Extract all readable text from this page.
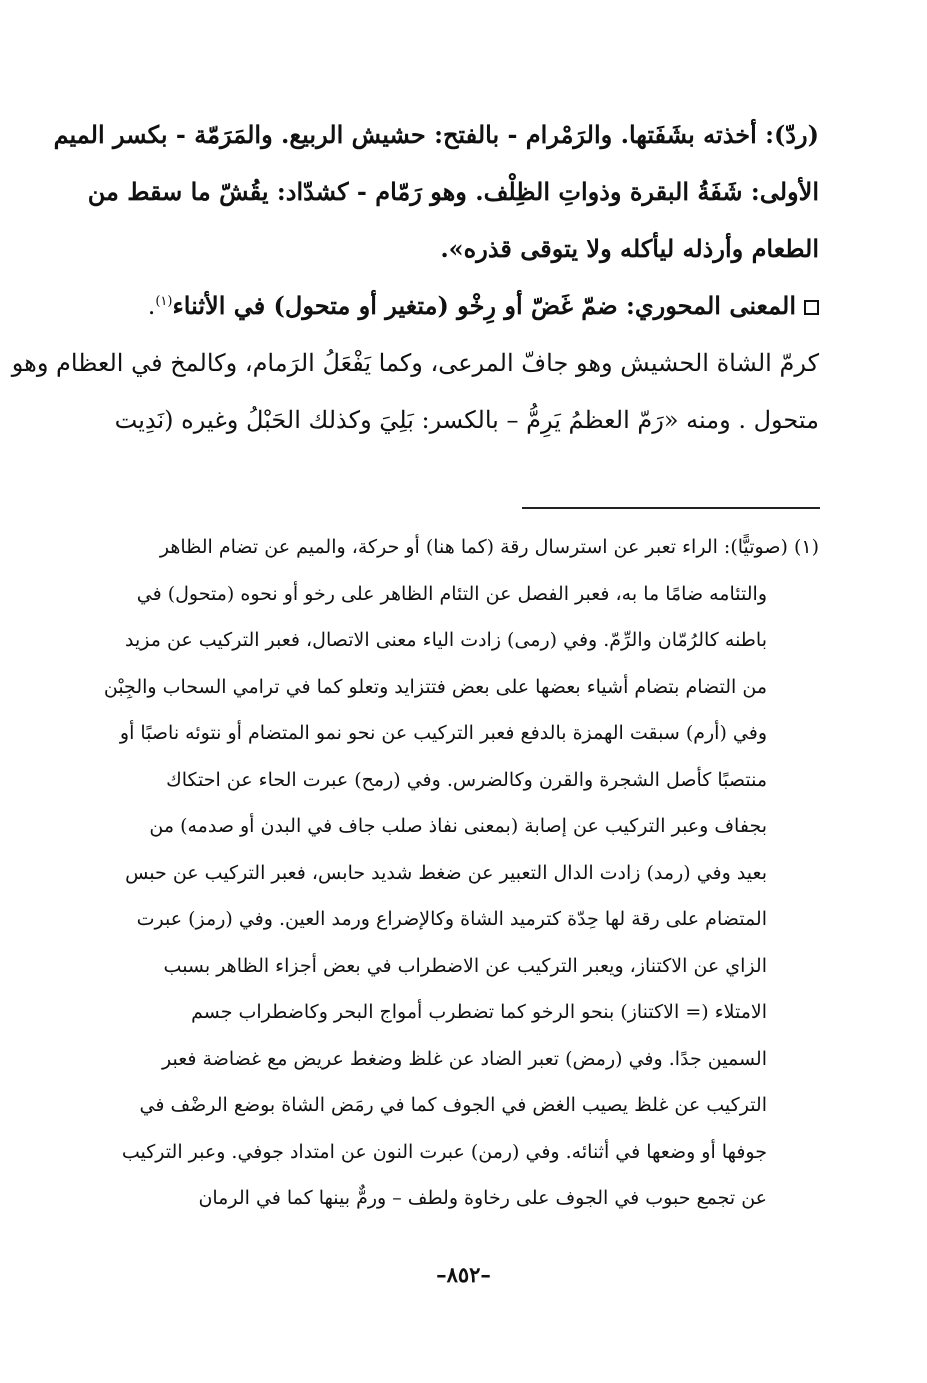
(ردّ): أخذته بشَفَتها. والرَمْرام - بالفتح: حشيش الربيع. والمَرَمّة - بكسر الميم
الأولى: شَفَةُ البقرة وذواتِ الظِلْف. وهو رَمّام - كشدّاد: يقُشّ ما سقط من
الطعام وأرذله ليأكله ولا يتوقى قذره».

المعنى المحوري: ضمّ غَضّ أو رِخْو (متغير أو متحول) في الأثناء$^{(١)}$.
كرمّ الشاة الحشيش وهو جافّ المرعى، وكما يَفْعَلُ الرَمام، وكالمخ في العظام وهو
متحول . ومنه «رَمّ العظمُ يَرِمُّ – بالكسر: بَلِيَ وكذلك الحَبْلُ وغيره (نَدِيت

(١) (صوتيًّا): الراء تعبر عن استرسال رقة (كما هنا) أو حركة، والميم عن تضام الظاهر
والتئامه ضامًا ما به، فعبر الفصل عن التئام الظاهر على رخو أو نحوه (متحول) في
باطنه كالرُمّان والرِّمّ. وفي (رمى) زادت الياء معنى الاتصال، فعبر التركيب عن مزيد
من التضام بتضام أشياء بعضها على بعض فتتزايد وتعلو كما في ترامي السحاب والجِبْن
وفي (أرم) سبقت الهمزة بالدفع فعبر التركيب عن نحو نمو المتضام أو نتوئه ناصبًا أو
منتصبًا كأصل الشجرة والقرن وكالضرس. وفي (رمح) عبرت الحاء عن احتكاك
بجفاف وعبر التركيب عن إصابة (بمعنى نفاذ صلب جاف في البدن أو صدمه) من
بعيد وفي (رمد) زادت الدال التعبير عن ضغط شديد حابس، فعبر التركيب عن حبس
المتضام على رقة لها حِدّة كترميد الشاة وكالإضراع ورمد العين. وفي (رمز) عبرت
الزاي عن الاكتناز، ويعبر التركيب عن الاضطراب في بعض أجزاء الظاهر بسبب
الامتلاء (= الاكتناز) بنحو الرخو كما تضطرب أمواج البحر وكاضطراب جسم
السمين جدًا. وفي (رمض) تعبر الضاد عن غلظ وضغط عريض مع غضاضة فعبر
التركيب عن غلظ يصيب الغض في الجوف كما في رمَض الشاة بوضع الرضْف في
جوفها أو وضعها في أثنائه. وفي (رمن) عبرت النون عن امتداد جوفي. وعبر التركيب
عن تجمع حبوب في الجوف على رخاوة ولطف – ورمٌّ بينها كما في الرمان
–٨٥٢–
